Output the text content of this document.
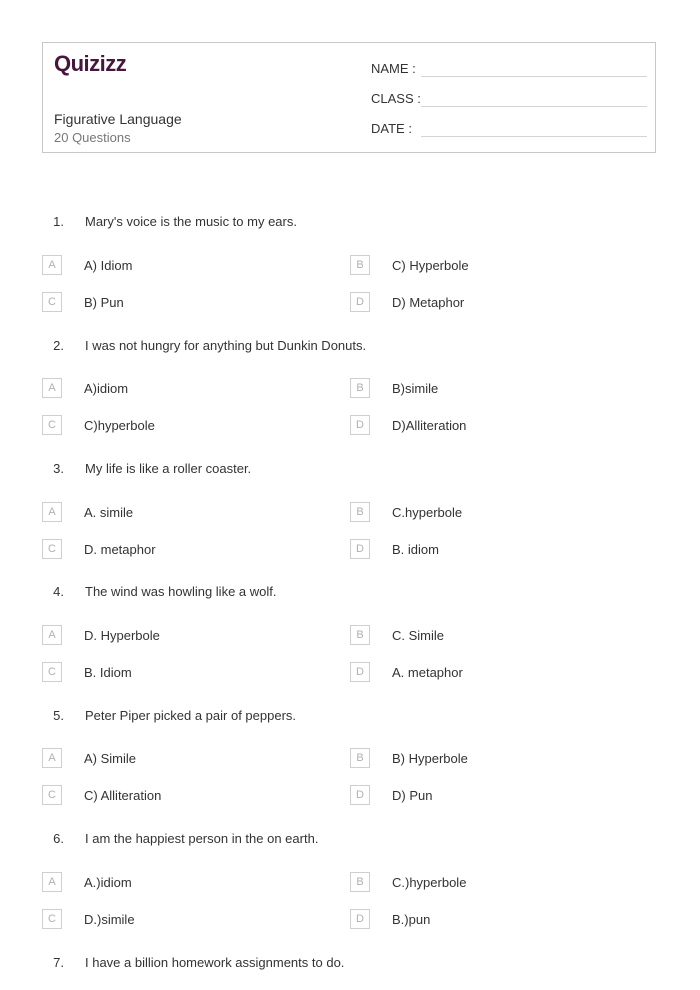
Quizizz
Figurative Language
20 Questions
NAME :
CLASS :
DATE :
1. Mary's voice is the music to my ears.
A	A) Idiom	B	C) Hyperbole
C	B) Pun	D	D) Metaphor
2. I was not hungry for anything but Dunkin Donuts.
A	A)idiom	B	B)simile
C	C)hyperbole	D	D)Alliteration
3. My life is like a roller coaster.
A	A. simile	B	C.hyperbole
C	D. metaphor	D	B. idiom
4. The wind was howling like a wolf.
A	D. Hyperbole	B	C. Simile
C	B. Idiom	D	A. metaphor
5. Peter Piper picked a pair of peppers.
A	A) Simile	B	B) Hyperbole
C	C) Alliteration	D	D) Pun
6. I am the happiest person in the on earth.
A	A.)idiom	B	C.)hyperbole
C	D.)simile	D	B.)pun
7. I have a billion homework assignments to do.
